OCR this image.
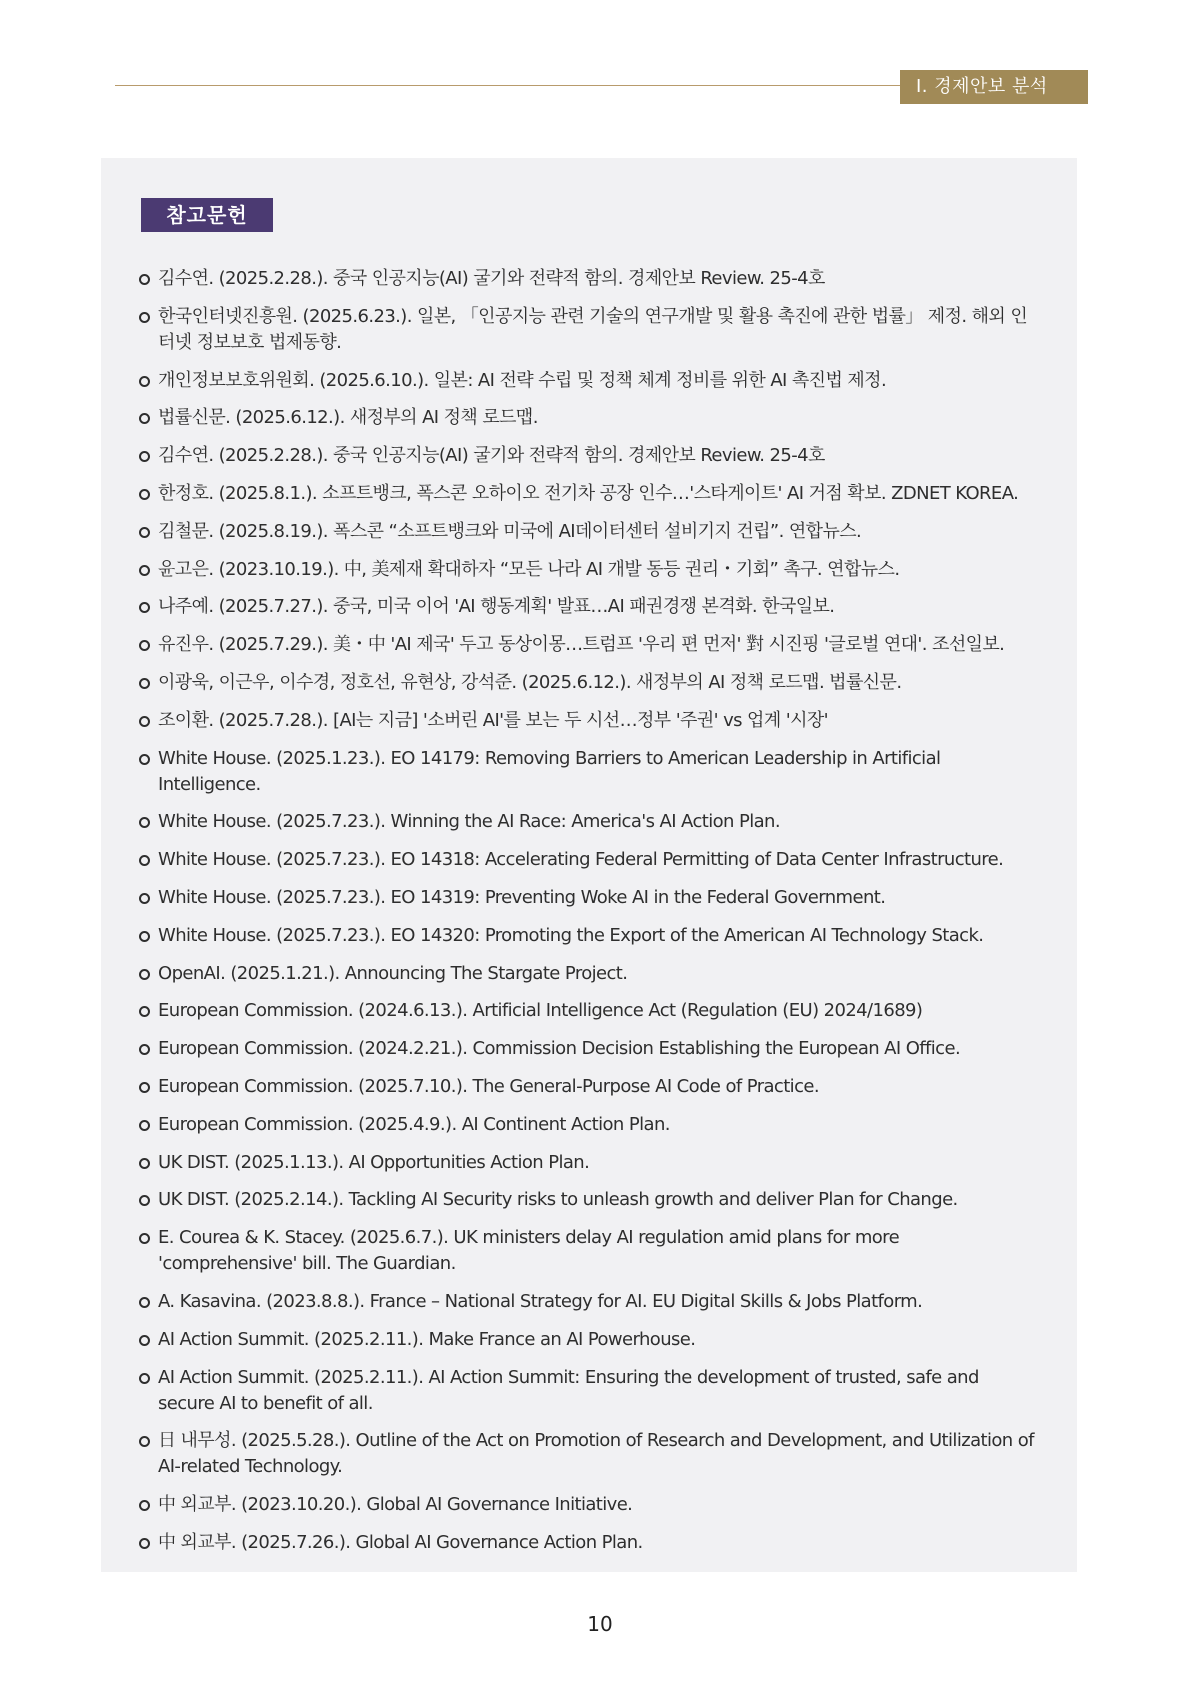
Ⅰ. 경제안보 분석
참고문헌
김수연. (2025.2.28.). 중국 인공지능(AI) 굴기와 전략적 함의. 경제안보 Review. 25-4호
한국인터넷진흥원. (2025.6.23.). 일본, 「인공지능 관련 기술의 연구개발 및 활용 촉진에 관한 법률」 제정. 해외 인터넷 정보보호 법제동향.
개인정보보호위원회. (2025.6.10.). 일본: AI 전략 수립 및 정책 체계 정비를 위한 AI 촉진법 제정.
법률신문. (2025.6.12.). 새정부의 AI 정책 로드맵.
김수연. (2025.2.28.). 중국 인공지능(AI) 굴기와 전략적 함의. 경제안보 Review. 25-4호
한정호. (2025.8.1.). 소프트뱅크, 폭스콘 오하이오 전기차 공장 인수…'스타게이트' AI 거점 확보. ZDNET KOREA.
김철문. (2025.8.19.). 폭스콘 “소프트뱅크와 미국에 AI데이터센터 설비기지 건립”. 연합뉴스.
윤고은. (2023.10.19.). 中, 美제재 확대하자 “모든 나라 AI 개발 동등 권리・기회” 촉구. 연합뉴스.
나주예. (2025.7.27.). 중국, 미국 이어 'AI 행동계획' 발표…AI 패권경쟁 본격화. 한국일보.
유진우. (2025.7.29.). 美・中 'AI 제국' 두고 동상이몽…트럼프 '우리 편 먼저' 對 시진핑 '글로벌 연대'. 조선일보.
이광욱, 이근우, 이수경, 정호선, 유현상, 강석준. (2025.6.12.). 새정부의 AI 정책 로드맵. 법률신문.
조이환. (2025.7.28.). [AI는 지금] '소버린 AI'를 보는 두 시선…정부 '주권' vs 업계 '시장'
White House. (2025.1.23.). EO 14179: Removing Barriers to American Leadership in Artificial Intelligence.
White House. (2025.7.23.). Winning the AI Race: America's AI Action Plan.
White House. (2025.7.23.). EO 14318: Accelerating Federal Permitting of Data Center Infrastructure.
White House. (2025.7.23.). EO 14319: Preventing Woke AI in the Federal Government.
White House. (2025.7.23.). EO 14320: Promoting the Export of the American AI Technology Stack.
OpenAI. (2025.1.21.). Announcing The Stargate Project.
European Commission. (2024.6.13.). Artificial Intelligence Act (Regulation (EU) 2024/1689)
European Commission. (2024.2.21.). Commission Decision Establishing the European AI Office.
European Commission. (2025.7.10.). The General-Purpose AI Code of Practice.
European Commission. (2025.4.9.). AI Continent Action Plan.
UK DIST. (2025.1.13.). AI Opportunities Action Plan.
UK DIST. (2025.2.14.). Tackling AI Security risks to unleash growth and deliver Plan for Change.
E. Courea & K. Stacey. (2025.6.7.). UK ministers delay AI regulation amid plans for more 'comprehensive' bill. The Guardian.
A. Kasavina. (2023.8.8.). France – National Strategy for AI. EU Digital Skills & Jobs Platform.
AI Action Summit. (2025.2.11.). Make France an AI Powerhouse.
AI Action Summit. (2025.2.11.). AI Action Summit: Ensuring the development of trusted, safe and secure AI to benefit of all.
日 내무성. (2025.5.28.). Outline of the Act on Promotion of Research and Development, and Utilization of AI-related Technology.
中 외교부. (2023.10.20.). Global AI Governance Initiative.
中 외교부. (2025.7.26.). Global AI Governance Action Plan.
10
